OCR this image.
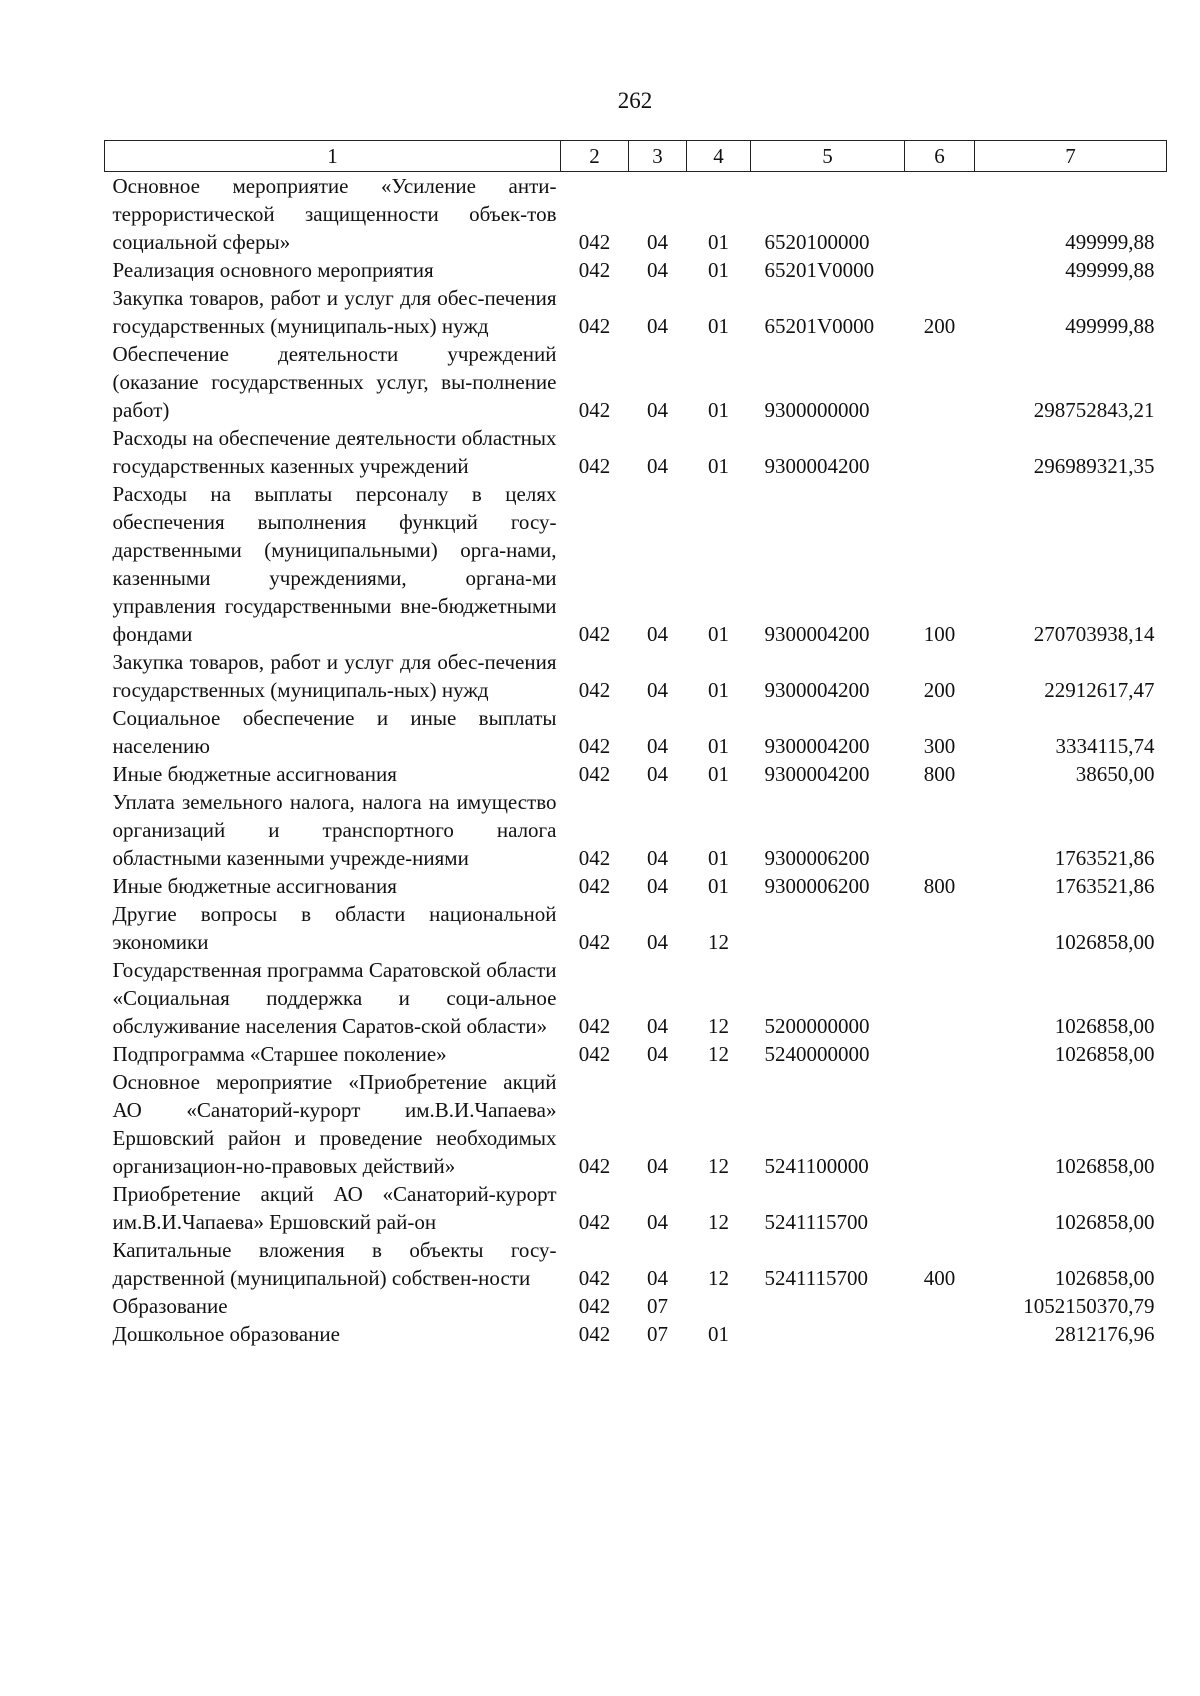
262
1	2	3	4	5	6	7
Основное мероприятие «Усиление анти-террористической защищенности объек-тов социальной сферы»	042	04	01	6520100000		499999,88
Реализация основного мероприятия	042	04	01	65201V0000		499999,88
Закупка товаров, работ и услуг для обес-печения государственных (муниципаль-ных) нужд	042	04	01	65201V0000	200	499999,88
Обеспечение деятельности учреждений (оказание государственных услуг, вы-полнение работ)	042	04	01	9300000000		298752843,21
Расходы на обеспечение деятельности областных государственных казенных учреждений	042	04	01	9300004200		296989321,35
Расходы на выплаты персоналу в целях обеспечения выполнения функций госу-дарственными (муниципальными) орга-нами, казенными учреждениями, органа-ми управления государственными вне-бюджетными фондами	042	04	01	9300004200	100	270703938,14
Закупка товаров, работ и услуг для обес-печения государственных (муниципаль-ных) нужд	042	04	01	9300004200	200	22912617,47
Социальное обеспечение и иные выплаты населению	042	04	01	9300004200	300	3334115,74
Иные бюджетные ассигнования	042	04	01	9300004200	800	38650,00
Уплата земельного налога, налога на имущество организаций и транспортного налога областными казенными учрежде-ниями	042	04	01	9300006200		1763521,86
Иные бюджетные ассигнования	042	04	01	9300006200	800	1763521,86
Другие вопросы в области национальной экономики	042	04	12			1026858,00
Государственная программа Саратовской области «Социальная поддержка и соци-альное обслуживание населения Саратов-ской области»	042	04	12	5200000000		1026858,00
Подпрограмма «Старшее поколение»	042	04	12	5240000000		1026858,00
Основное мероприятие «Приобретение акций АО «Санаторий-курорт им.В.И.Чапаева» Ершовский район и проведение необходимых организацион-но-правовых действий»	042	04	12	5241100000		1026858,00
Приобретение акций АО «Санаторий-курорт им.В.И.Чапаева» Ершовский рай-он	042	04	12	5241115700		1026858,00
Капитальные вложения в объекты госу-дарственной (муниципальной) собствен-ности	042	04	12	5241115700	400	1026858,00
Образование	042	07				1052150370,79
Дошкольное образование	042	07	01			2812176,96
